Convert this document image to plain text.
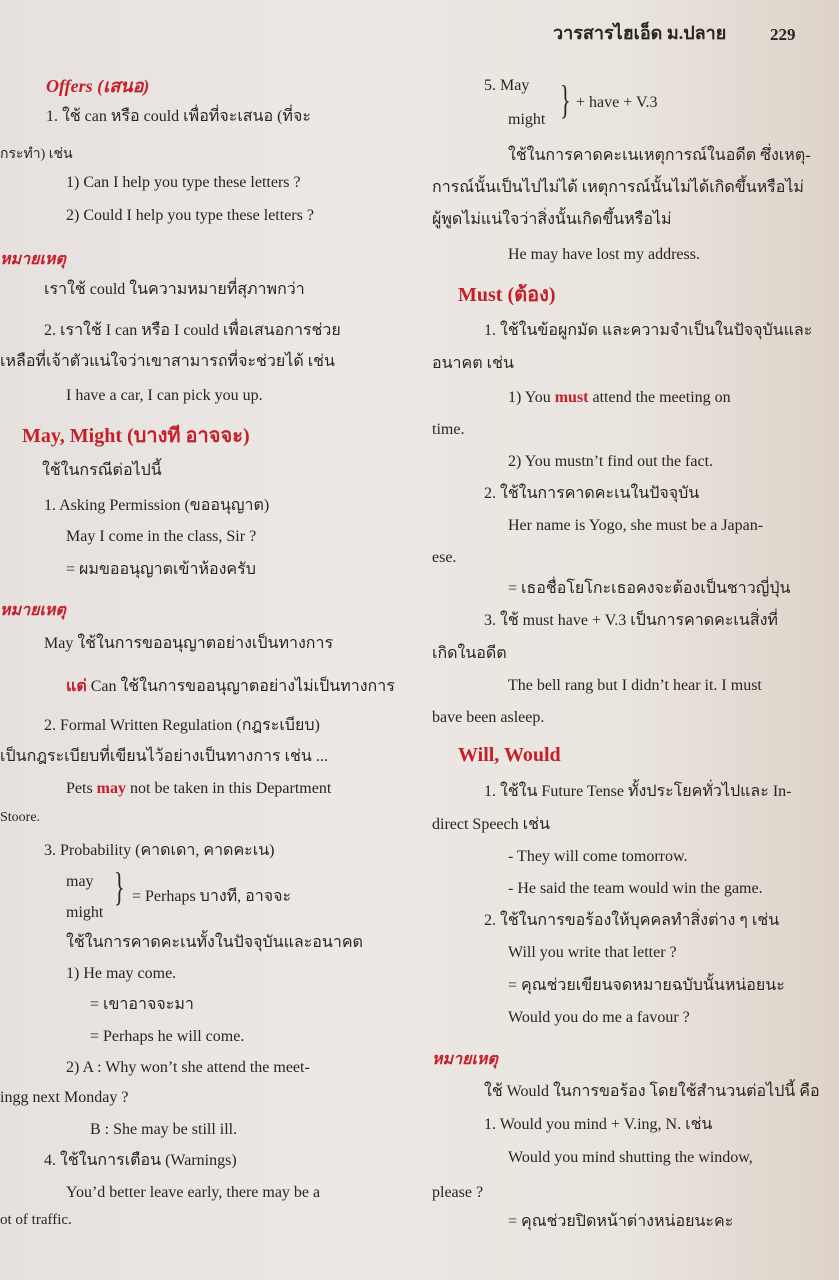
วารสารไฮเอ็ด ม.ปลาย	229
Offers (เสนอ)
1. ใช้ can หรือ could เพื่อที่จะเสนอ (ที่จะ
กระทำ) เช่น
1) Can I help you type these letters ?
2) Could I help you type these letters ?
หมายเหตุ
เราใช้ could ในความหมายที่สุภาพกว่า
2. เราใช้ I can หรือ I could เพื่อเสนอการช่วย
เหลือที่เจ้าตัวแน่ใจว่าเขาสามารถที่จะช่วยได้ เช่น
I have a car, I can pick you up.
May, Might (บางที อาจจะ)
ใช้ในกรณีต่อไปนี้
1. Asking Permission (ขออนุญาต)
May I come in the class, Sir ?
= ผมขออนุญาตเข้าห้องครับ
หมายเหตุ
May ใช้ในการขออนุญาตอย่างเป็นทางการ
แต่ Can ใช้ในการขออนุญาตอย่างไม่เป็นทางการ
2. Formal Written Regulation (กฎระเบียบ)
เป็นกฎระเบียบที่เขียนไว้อย่างเป็นทางการ เช่น ...
Pets may not be taken in this Department
Stoore.
3. Probability (คาดเดา, คาดคะเน)
may
might
} = Perhaps บางที, อาจจะ
ใช้ในการคาดคะเนทั้งในปัจจุบันและอนาคต
1) He may come.
= เขาอาจจะมา
= Perhaps he will come.
2) A : Why won’t she attend the meet-
ingg next Monday ?
B : She may be still ill.
4. ใช้ในการเตือน (Warnings)
You’d better leave early, there may be a
ot of traffic.
5. May
might } + have + V.3
ใช้ในการคาดคะเนเหตุการณ์ในอดีต ซึ่งเหตุ-
การณ์นั้นเป็นไปไม่ได้ เหตุการณ์นั้นไม่ได้เกิดขึ้นหรือไม่
ผู้พูดไม่แน่ใจว่าสิ่งนั้นเกิดขึ้นหรือไม่
He may have lost my address.
Must (ต้อง)
1. ใช้ในข้อผูกมัด และความจำเป็นในปัจจุบันและ
อนาคต เช่น
1) You must attend the meeting on
time.
2) You mustn’t find out the fact.
2. ใช้ในการคาดคะเนในปัจจุบัน
Her name is Yogo, she must be a Japan-
ese.
= เธอชื่อโยโกะเธอคงจะต้องเป็นชาวญี่ปุ่น
3. ใช้ must have + V.3 เป็นการคาดคะเนสิ่งที่
เกิดในอดีต
The bell rang but I didn’t hear it. I must
bave been asleep.
Will, Would
1. ใช้ใน Future Tense ทั้งประโยคทั่วไปและ In-
direct Speech เช่น
- They will come tomorrow.
- He said the team would win the game.
2. ใช้ในการขอร้องให้บุคคลทำสิ่งต่าง ๆ เช่น
Will you write that letter ?
= คุณช่วยเขียนจดหมายฉบับนั้นหน่อยนะ
Would you do me a favour ?
หมายเหตุ
ใช้ Would ในการขอร้อง โดยใช้สำนวนต่อไปนี้ คือ
1. Would you mind + V.ing, N. เช่น
Would you mind shutting the window,
please ?
= คุณช่วยปิดหน้าต่างหน่อยนะคะ
